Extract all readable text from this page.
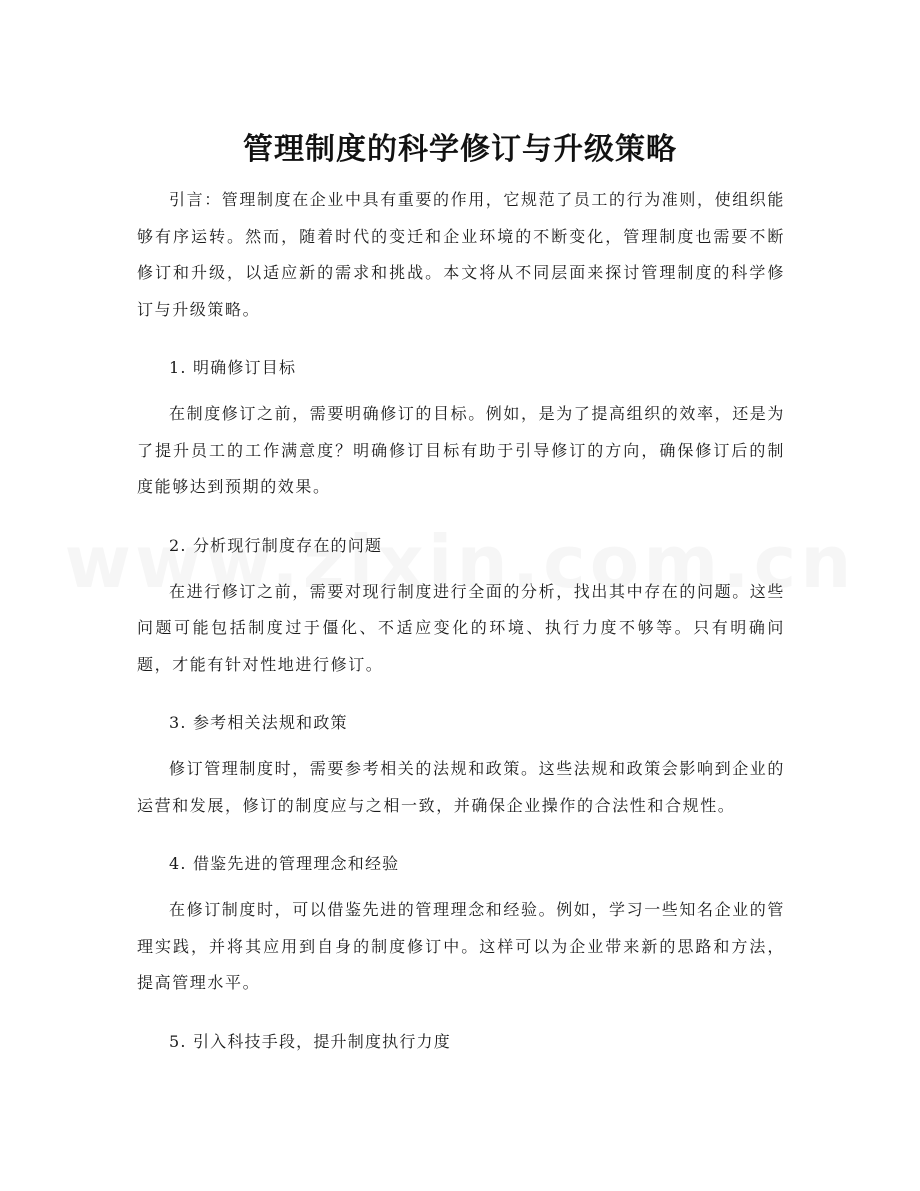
管理制度的科学修订与升级策略

引言：管理制度在企业中具有重要的作用，它规范了员工的行为准则，使组织能够有序运转。然而，随着时代的变迁和企业环境的不断变化，管理制度也需要不断修订和升级，以适应新的需求和挑战。本文将从不同层面来探讨管理制度的科学修订与升级策略。

1. 明确修订目标

在制度修订之前，需要明确修订的目标。例如，是为了提高组织的效率，还是为了提升员工的工作满意度？明确修订目标有助于引导修订的方向，确保修订后的制度能够达到预期的效果。

2. 分析现行制度存在的问题

在进行修订之前，需要对现行制度进行全面的分析，找出其中存在的问题。这些问题可能包括制度过于僵化、不适应变化的环境、执行力度不够等。只有明确问题，才能有针对性地进行修订。

3. 参考相关法规和政策

修订管理制度时，需要参考相关的法规和政策。这些法规和政策会影响到企业的运营和发展，修订的制度应与之相一致，并确保企业操作的合法性和合规性。

4. 借鉴先进的管理理念和经验

在修订制度时，可以借鉴先进的管理理念和经验。例如，学习一些知名企业的管理实践，并将其应用到自身的制度修订中。这样可以为企业带来新的思路和方法，提高管理水平。

5. 引入科技手段，提升制度执行力度
